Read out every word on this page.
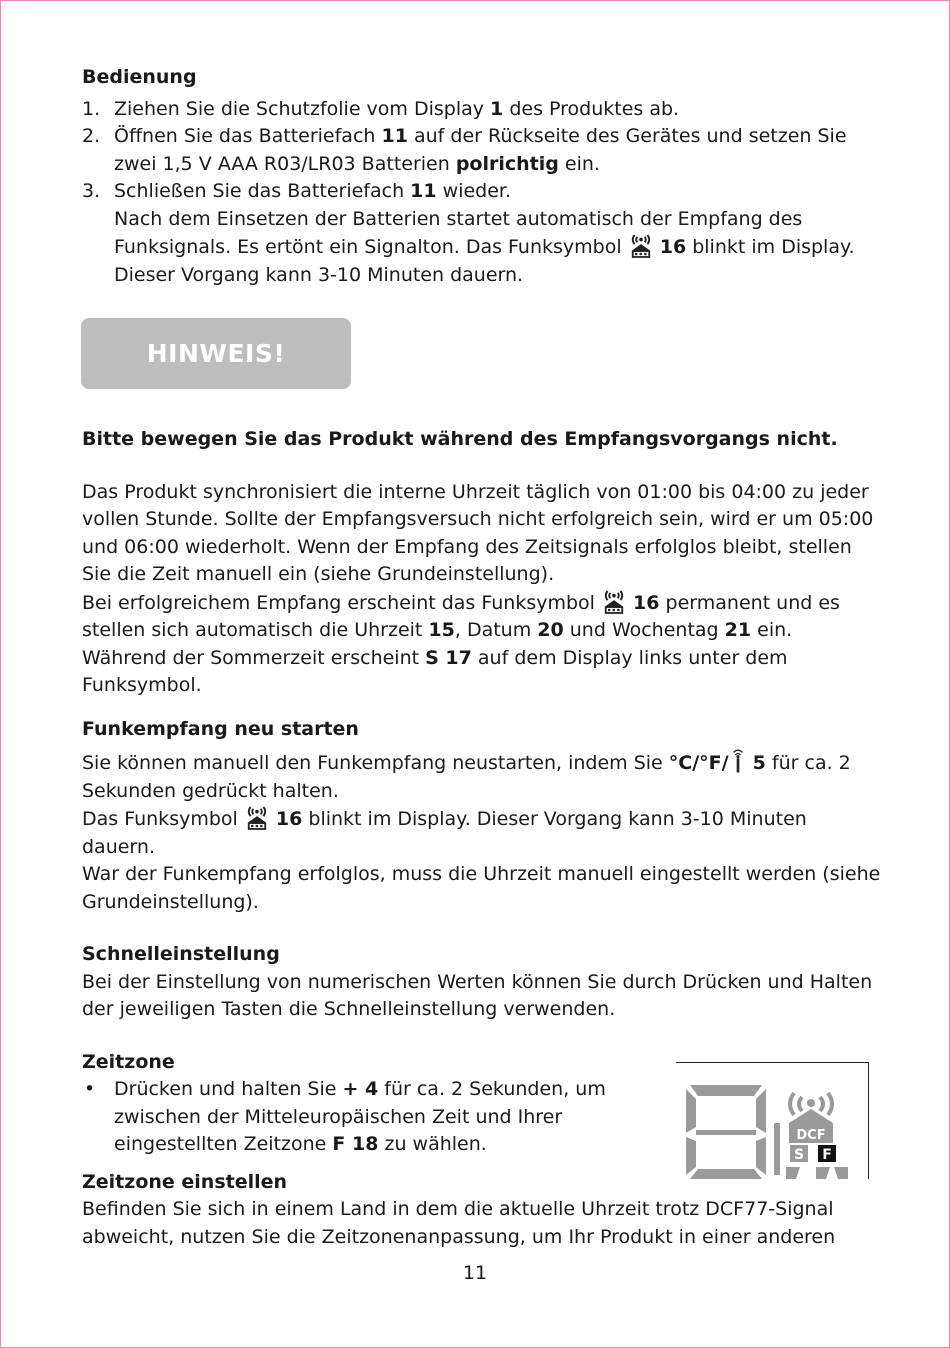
Bedienung

1. Ziehen Sie die Schutzfolie vom Display 1 des Produktes ab.
2. Öffnen Sie das Batteriefach 11 auf der Rückseite des Gerätes und setzen Sie zwei 1,5 V AAA R03/LR03 Batterien polrichtig ein.
3. Schließen Sie das Batteriefach 11 wieder.
Nach dem Einsetzen der Batterien startet automatisch der Empfang des Funksignals. Es ertönt ein Signalton. Das Funksymbol  16 blinkt im Display.
Dieser Vorgang kann 3-10 Minuten dauern.
HINWEIS!

Bitte bewegen Sie das Produkt während des Empfangsvorgangs nicht.

Das Produkt synchronisiert die interne Uhrzeit täglich von 01:00 bis 04:00 zu jeder vollen Stunde. Sollte der Empfangsversuch nicht erfolgreich sein, wird er um 05:00 und 06:00 wiederholt. Wenn der Empfang des Zeitsignals erfolglos bleibt, stellen Sie die Zeit manuell ein (siehe Grundeinstellung).

Bei erfolgreichem Empfang erscheint das Funksymbol  16 permanent und es stellen sich automatisch die Uhrzeit 15, Datum 20 und Wochentag 21 ein. Während der Sommerzeit erscheint S 17 auf dem Display links unter dem Funksymbol.

Funkempfang neu starten

Sie können manuell den Funkempfang neustarten, indem Sie °C/°F/ 5 für ca. 2 Sekunden gedrückt halten.

Das Funksymbol  16 blinkt im Display. Dieser Vorgang kann 3-10 Minuten dauern.

War der Funkempfang erfolglos, muss die Uhrzeit manuell eingestellt werden (siehe Grundeinstellung).

Schnelleinstellung

Bei der Einstellung von numerischen Werten können Sie durch Drücken und Halten der jeweiligen Tasten die Schnelleinstellung verwenden.

Zeitzone

• Drücken und halten Sie + 4 für ca. 2 Sekunden, um zwischen der Mitteleuropäischen Zeit und Ihrer eingestellten Zeitzone F 18 zu wählen.

Zeitzone einstellen

Befinden Sie sich in einem Land in dem die aktuelle Uhrzeit trotz DCF77-Signal abweicht, nutzen Sie die Zeitzonenanpassung, um Ihr Produkt in einer anderen

DCF
S F
11
